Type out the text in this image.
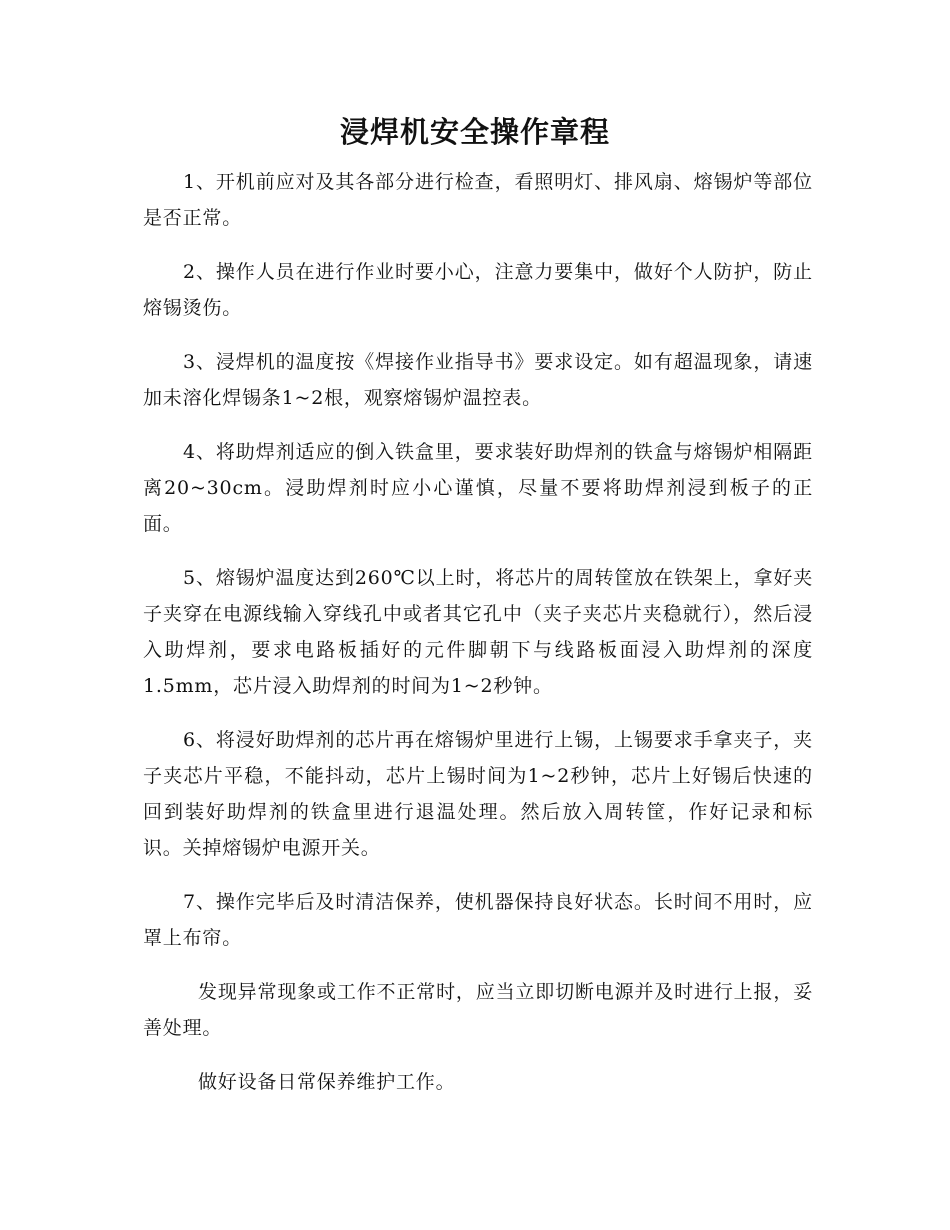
浸焊机安全操作章程

1、开机前应对及其各部分进行检查，看照明灯、排风扇、熔锡炉等部位是否正常。

2、操作人员在进行作业时要小心，注意力要集中，做好个人防护，防止熔锡烫伤。

3、浸焊机的温度按《焊接作业指导书》要求设定。如有超温现象，请速加未溶化焊锡条1~2根，观察熔锡炉温控表。

4、将助焊剂适应的倒入铁盒里，要求装好助焊剂的铁盒与熔锡炉相隔距离20~30cm。浸助焊剂时应小心谨慎，尽量不要将助焊剂浸到板子的正面。

5、熔锡炉温度达到260℃以上时，将芯片的周转筐放在铁架上，拿好夹子夹穿在电源线输入穿线孔中或者其它孔中（夹子夹芯片夹稳就行），然后浸入助焊剂，要求电路板插好的元件脚朝下与线路板面浸入助焊剂的深度1.5mm，芯片浸入助焊剂的时间为1~2秒钟。

6、将浸好助焊剂的芯片再在熔锡炉里进行上锡，上锡要求手拿夹子，夹子夹芯片平稳，不能抖动，芯片上锡时间为1~2秒钟，芯片上好锡后快速的回到装好助焊剂的铁盒里进行退温处理。然后放入周转筐，作好记录和标识。关掉熔锡炉电源开关。

7、操作完毕后及时清洁保养，使机器保持良好状态。长时间不用时，应罩上布帘。

发现异常现象或工作不正常时，应当立即切断电源并及时进行上报，妥善处理。

做好设备日常保养维护工作。
